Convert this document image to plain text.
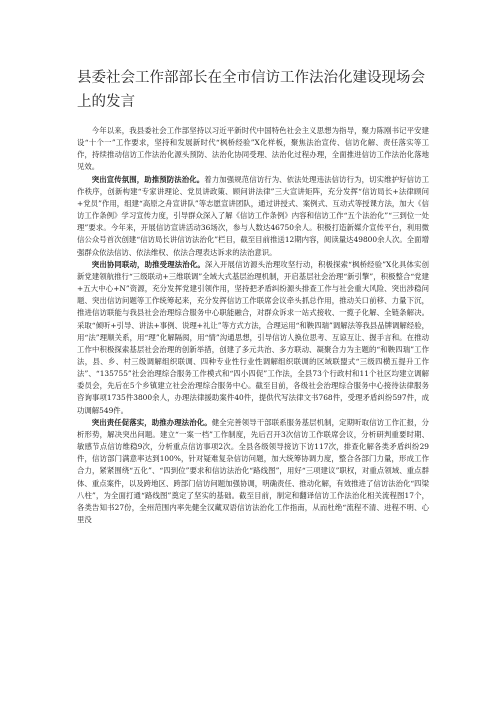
县委社会工作部部长在全市信访工作法治化建设现场会上的发言

今年以来，我县委社会工作部坚持以习近平新时代中国特色社会主义思想为指导，聚力陈刚书记平安建设“十个一”工作要求，坚持和发展新时代“枫桥经验”X化样板，聚焦法治宣传、信访化解、责任落实等工作，持续推动信访工作法治化源头预防、法治化协同受理、法治化过程办理，全面推进信访工作法治化落地见效。

突出宣传氛围，助推预防法治化。着力加强规范信访行为、依法处理违法信访行为，切实维护好信访工作秩序，创新构建“专家讲理论、党员讲政策、顾问讲法律”三大宣讲矩阵，充分发挥“信访局长+法律顾问+党员”作用，组建“高原之舟宣讲队”等志愿宣讲团队，通过讲授式、案例式、互动式等授课方法，加大《信访工作条例》学习宣传力度，引导群众深入了解《信访工作条例》内容和信访工作“五个法治化”“三到位一处理”要求。今年来，开展信访宣讲活动36场次，参与人数达46750余人。积极打造新媒介宣传平台，利用微信公众号首次创建“信访局长讲信访法治化”栏目，截至目前推送12期内容，阅读量达49800余人次。全面增强群众依法信访、依法维权、依法合理表达诉求的法治意识。

突出协同联动，助推受理法治化。深入开展信访源头治理攻坚行动，积极探索“枫桥经验”X化具体实创新党建领航推行“三级联动+三维联调”全域大式基层治理机制，开启基层社会治理“新引擎”，积极整合“党建+五大中心+N”资源，充分发挥党建引领作用，坚持把矛盾纠纷源头排查工作与社会重大风险、突出涉稳问题、突出信访问题等工作统筹起来，充分发挥信访工作联席会议牵头抓总作用，推动关口前移、力量下沉，推进信访联能与我县社会治理综合服务中心职能融合，对群众诉求一站式接收、一揽子化解、全链条解决。采取“倾听+引导、讲法+事例、说理+礼让”等方式方法，合理运用“和鞅四瑞”调解法等我县品牌调解经验，用“法”理顺关系，用“理”化解隔阂，用“情”沟通思想，引导信访人换位思考、互谅互让、握手言和。在推动工作中积极探索基层社会治理的创新举措，创建了多元共治、多方联动、凝聚合力为主题的“和鞅四瑞”工作法，县、乡、村三级调解组织联调、四种专业性行业性调解组织联调的区域联盟式“三级四横五提升工作法”、“135755”社会治理综合服务工作模式和“四小四促”工作法，全县73个行政村和11个社区均建立调解委员会，先后在5个乡镇建立社会治理综合服务中心。截至目前，各级社会治理综合服务中心接待法律服务咨询事项1735件3800余人，办理法律援助案件40件，提供代写法律文书768件，受理矛盾纠纷597件，成功调解549件。

突出责任促落实，助推办理法治化。健全完善领导干部联系服务基层机制，定期听取信访工作汇报，分析形势，解决突出问题。建立“一案一档”工作制度，先后召开3次信访工作联席会议，分析研判重要时期、敏感节点信访维稳9次，分析重点信访事项2次。全县各级领导接访下访117次，排查化解各类矛盾纠纷29件，信访部门满意率达到100%，针对疑难复杂信访问题，加大统筹协调力度，整合各部门力量，形成工作合力，紧紧围绕“五化”、“四到位”要求和信访法治化“路线图”，用好“三项建议”职权，对重点领域、重点群体、重点案件，以及跨地区、跨部门信访问题加强协调，明确责任、推动化解，有效推进了信访法治化“四梁八柱”，为全面打通“路线图”奠定了坚实的基础。截至目前，制定和翻译信访工作法治化相关流程图17个，各类告知书27份，全州范围内率先健全汉藏双语信访法治化工作指南，从而杜绝“流程不清、进程不明、心里没
